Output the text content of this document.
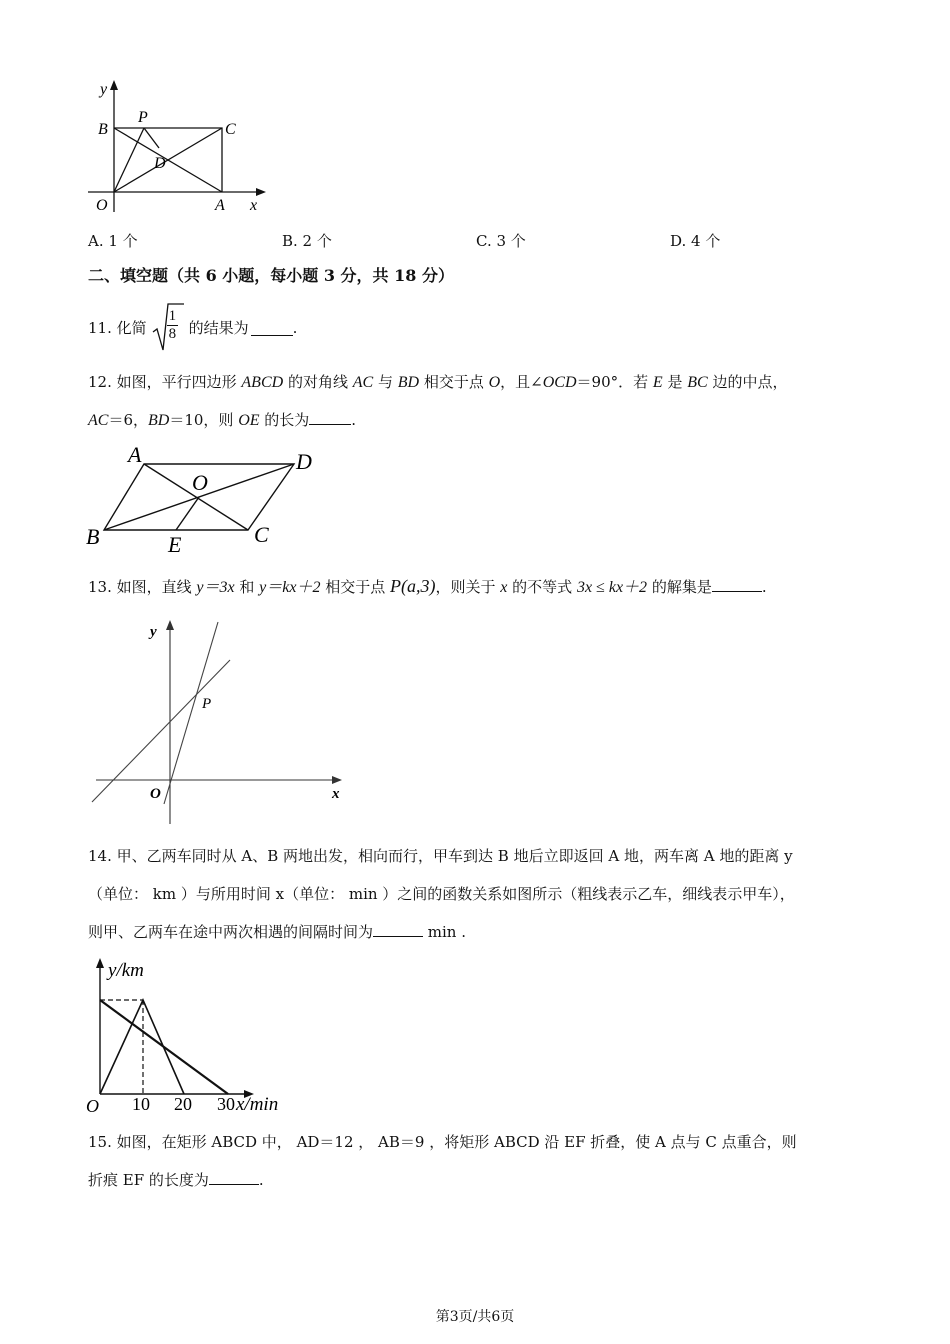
y
B
P
C
D
O	A x
A. 1 个	B. 2 个	C. 3 个	D. 4 个
二、填空题（共 6 小题，每小题 3 分，共 18 分）
11. 化简 $\frac{1}{8}$ 的结果为	.
12. 如图，平行四边形 ABCD 的对角线 AC 与 BD 相交于点 O，且∠OCD＝90°．若 E 是 BC 边的中点，
AC＝6，BD＝10，则 OE 的长为	.
A	D
O
B	C
E
13. 如图，直线 y＝3x 和 y＝kx＋2 相交于点 P(a,3)，则关于 x 的不等式 3x ≤ kx＋2 的解集是	.
y
P
O	x
14. 甲、乙两车同时从 A、B 两地出发，相向而行，甲车到达 B 地后立即返回 A 地，两车离 A 地的距离 y
（单位： km ）与所用时间 x（单位： min ）之间的函数关系如图所示（粗线表示乙车，细线表示甲车），
则甲、乙两车在途中两次相遇的间隔时间为	min .
y/km
O 10 20 30 x/min
15. 如图，在矩形 ABCD 中， AD＝12 ， AB＝9 ，将矩形 ABCD 沿 EF 折叠，使 A 点与 C 点重合，则
折痕 EF 的长度为	.
第3页/共6页
